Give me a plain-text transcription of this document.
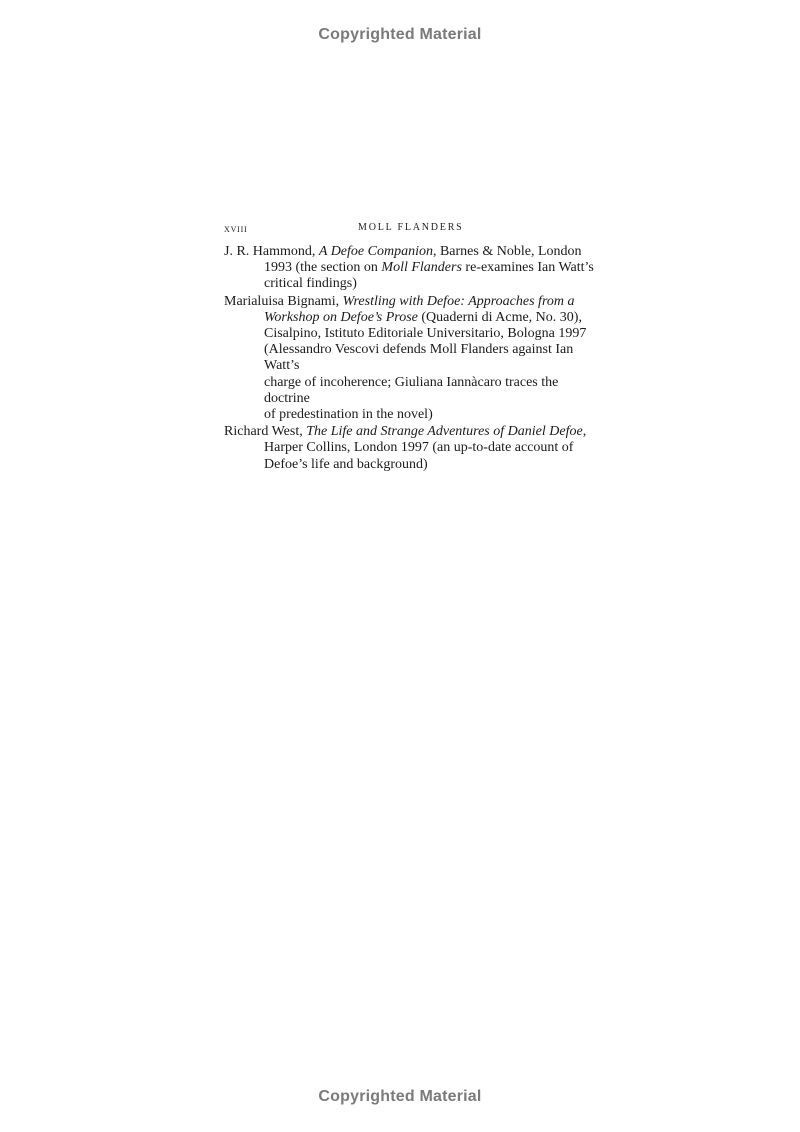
Copyrighted Material
xviii	MOLL FLANDERS
J. R. Hammond, A Defoe Companion, Barnes & Noble, London
1993 (the section on Moll Flanders re-examines Ian Watt’s
critical findings)
Marialuisa Bignami, Wrestling with Defoe: Approaches from a
Workshop on Defoe’s Prose (Quaderni di Acme, No. 30),
Cisalpino, Istituto Editoriale Universitario, Bologna 1997
(Alessandro Vescovi defends Moll Flanders against Ian Watt’s
charge of incoherence; Giuliana Iannàcaro traces the doctrine
of predestination in the novel)
Richard West, The Life and Strange Adventures of Daniel Defoe,
Harper Collins, London 1997 (an up-to-date account of
Defoe’s life and background)
Copyrighted Material
